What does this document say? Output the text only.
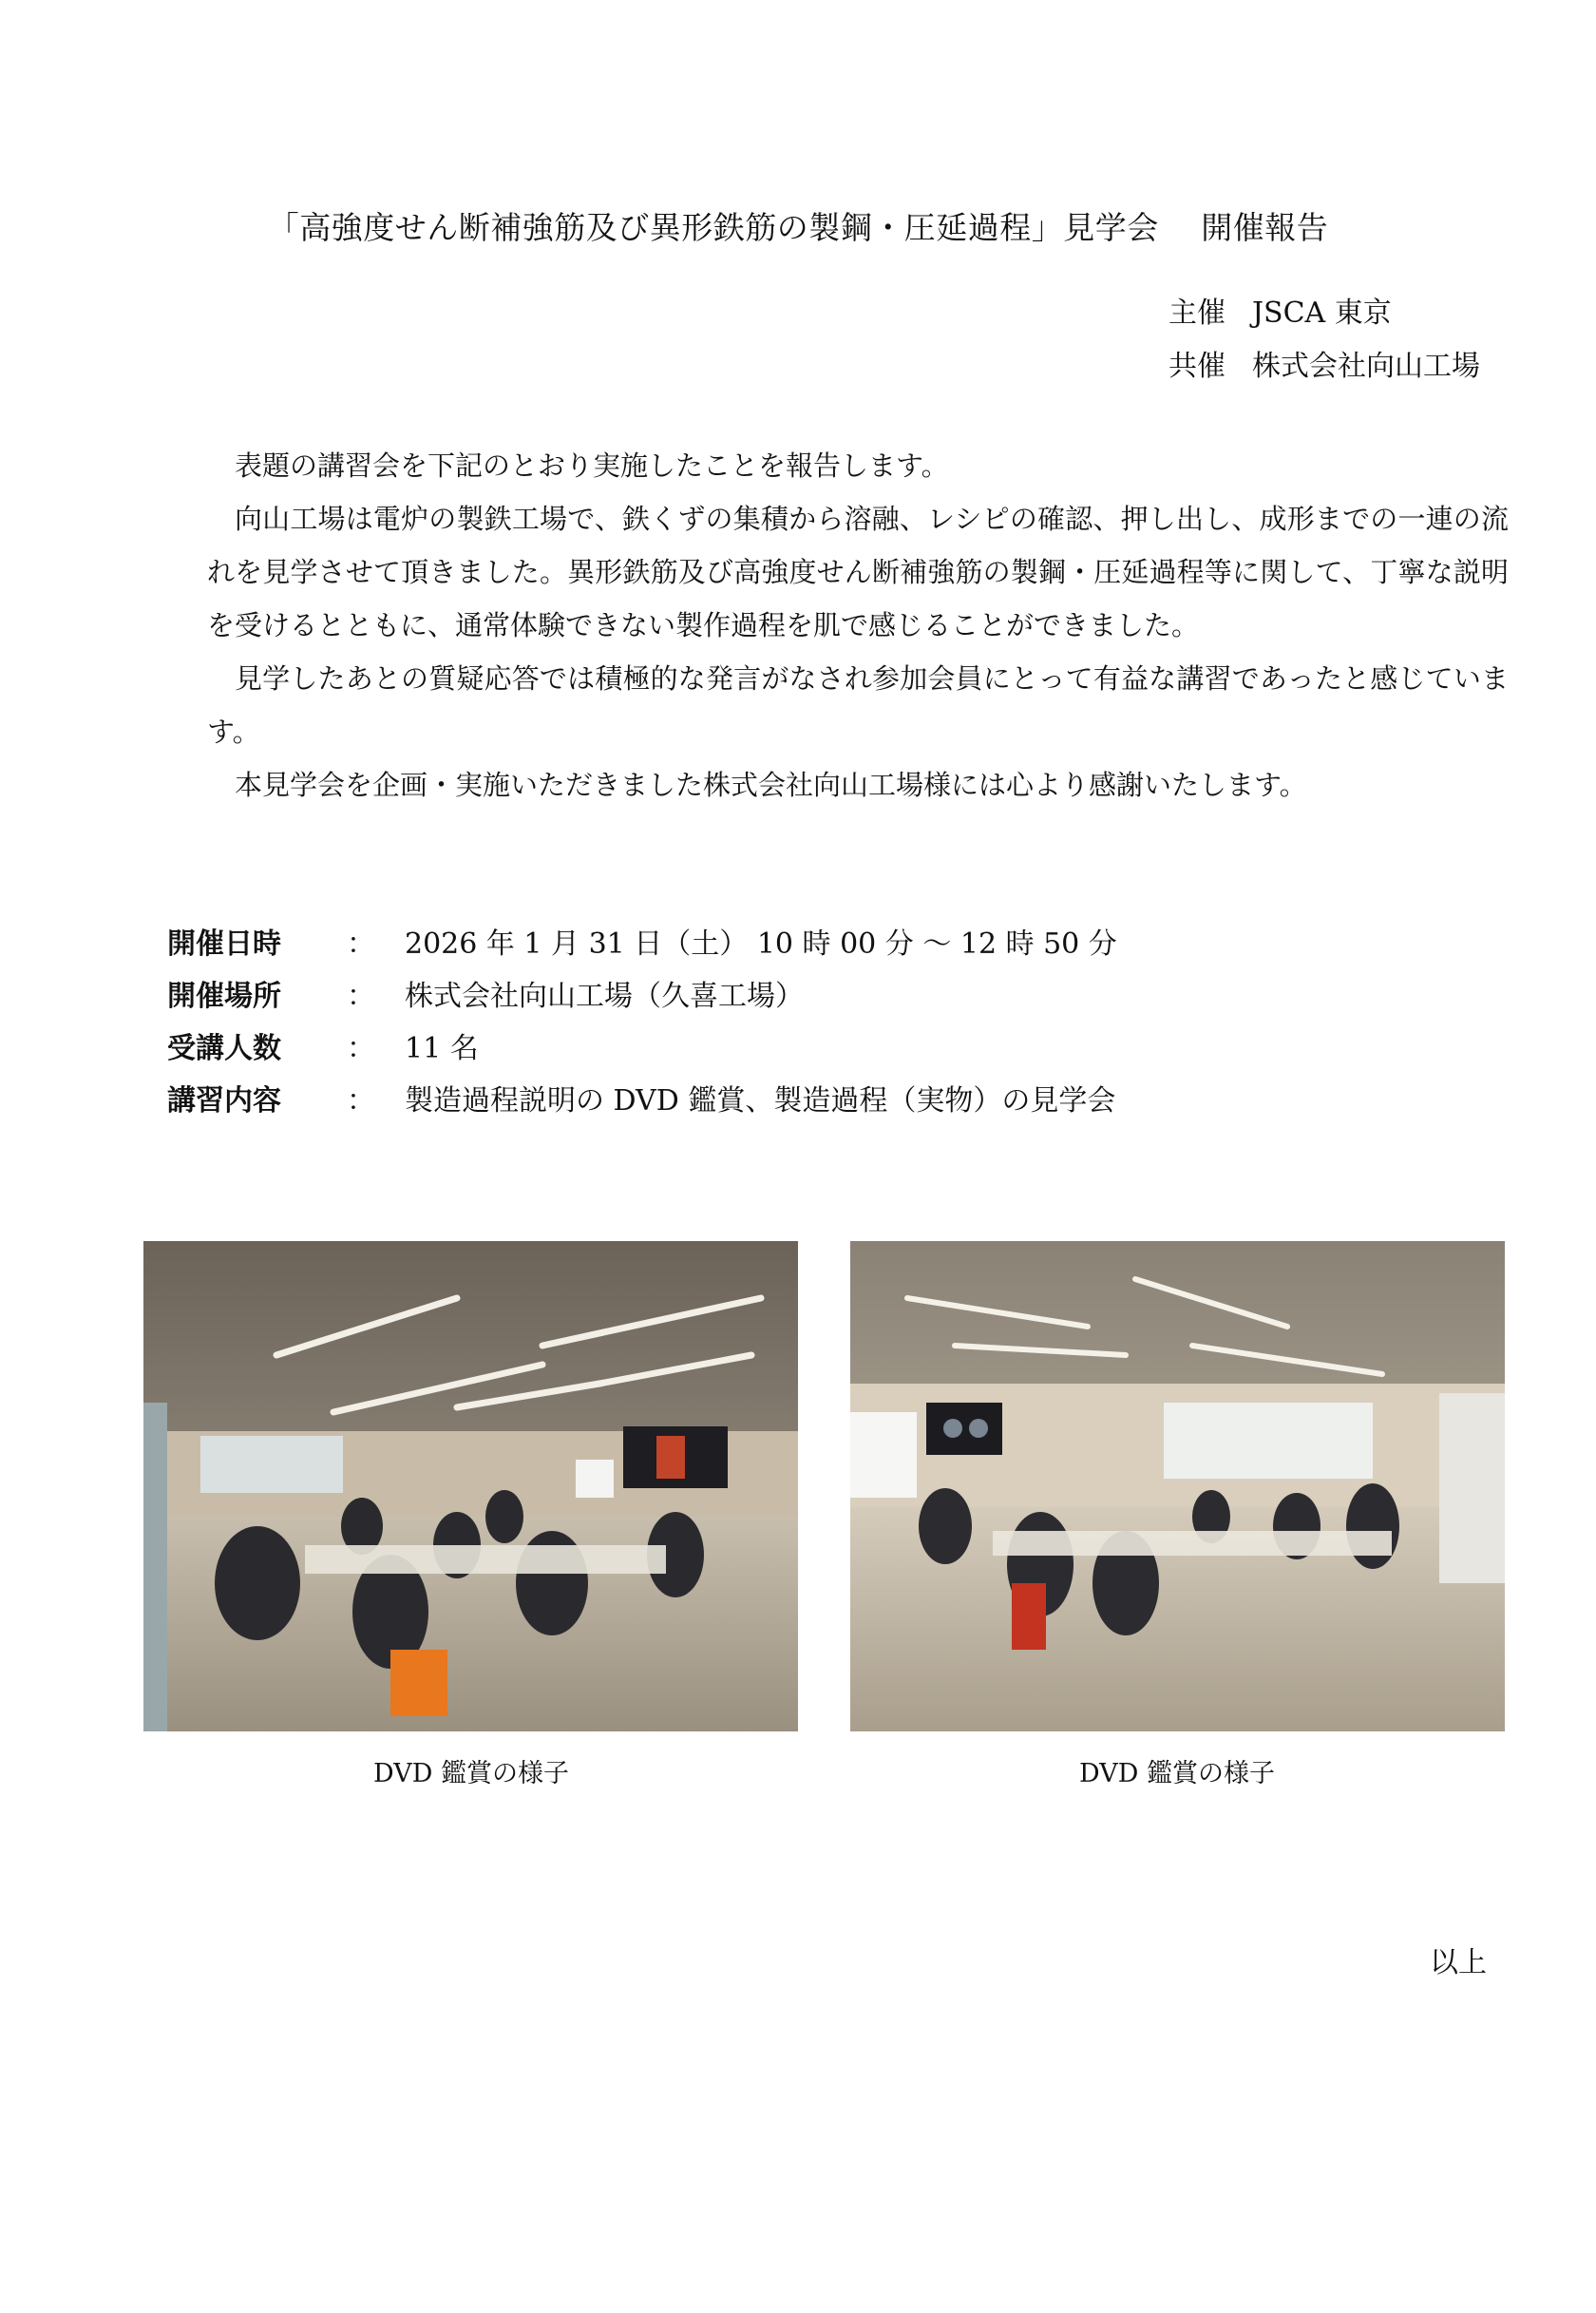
「高強度せん断補強筋及び異形鉄筋の製鋼・圧延過程」見学会　 開催報告
主催 JSCA 東京
共催 株式会社向山工場

表題の講習会を下記のとおり実施したことを報告します。

向山工場は電炉の製鉄工場で、鉄くずの集積から溶融、レシピの確認、押し出し、成形までの一連の流れを見学させて頂きました。異形鉄筋及び高強度せん断補強筋の製鋼・圧延過程等に関して、丁寧な説明を受けるとともに、通常体験できない製作過程を肌で感じることができました。

見学したあとの質疑応答では積極的な発言がなされ参加会員にとって有益な講習であったと感じています。

本見学会を企画・実施いただきました株式会社向山工場様には心より感謝いたします。

開催日時 ： 2026 年 1 月 31 日（土） 10 時 00 分 ～ 12 時 50 分
開催場所 ： 株式会社向山工場（久喜工場）
受講人数 ： 11 名
講習内容 ： 製造過程説明の DVD 鑑賞、製造過程（実物）の見学会
DVD 鑑賞の様子	DVD 鑑賞の様子
以上
